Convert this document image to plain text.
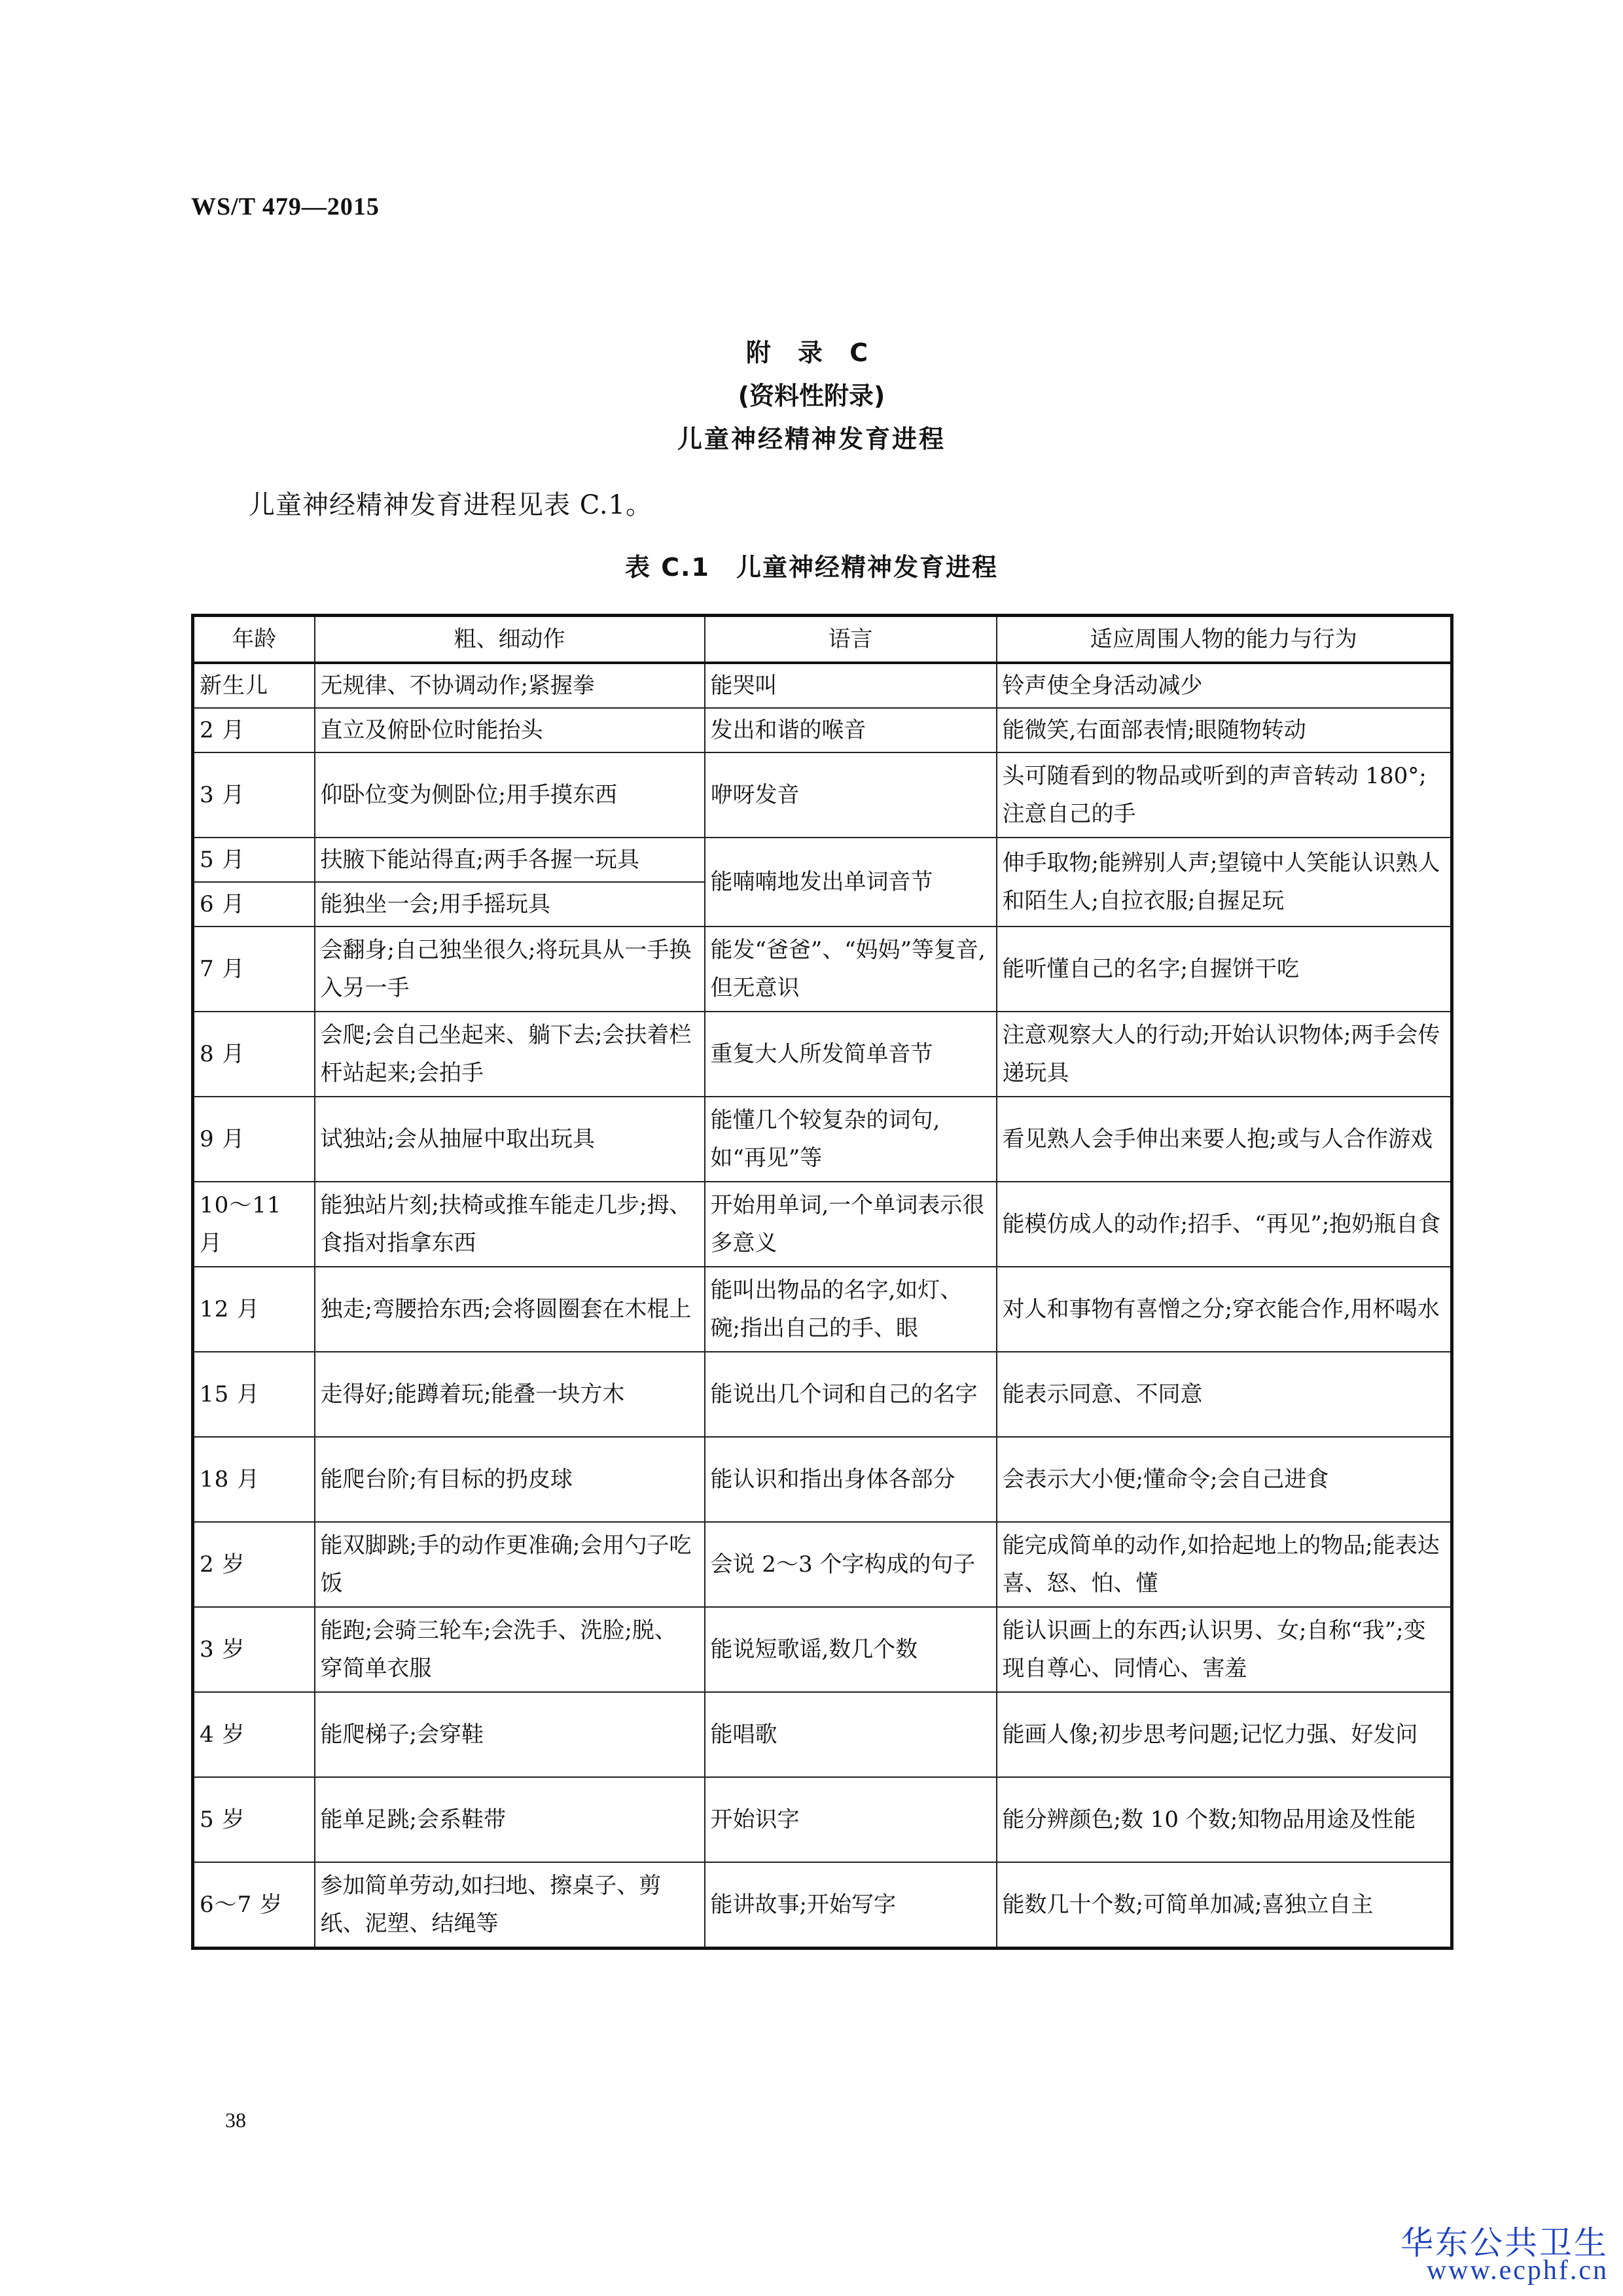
WS/T 479—2015
附 录 C
(资料性附录)
儿童神经精神发育进程
儿童神经精神发育进程见表 C.1。
表 C.1　儿童神经精神发育进程
年龄	粗、细动作	语言	适应周围人物的能力与行为
新生儿	无规律、不协调动作;紧握拳	能哭叫	铃声使全身活动减少
2 月	直立及俯卧位时能抬头	发出和谐的喉音	能微笑,右面部表情;眼随物转动
3 月	仰卧位变为侧卧位;用手摸东西	咿呀发音	头可随看到的物品或听到的声音转动 180°;注意自己的手
5 月	扶腋下能站得直;两手各握一玩具	能喃喃地发出单词音节	伸手取物;能辨别人声;望镜中人笑能认识熟人和陌生人;自拉衣服;自握足玩
6 月	能独坐一会;用手摇玩具		
7 月	会翻身;自己独坐很久;将玩具从一手换入另一手	能发“爸爸”、“妈妈”等复音,但无意识	能听懂自己的名字;自握饼干吃
8 月	会爬;会自己坐起来、躺下去;会扶着栏杆站起来;会拍手	重复大人所发简单音节	注意观察大人的行动;开始认识物体;两手会传递玩具
9 月	试独站;会从抽屉中取出玩具	能懂几个较复杂的词句,如“再见”等	看见熟人会手伸出来要人抱;或与人合作游戏
10～11 月	能独站片刻;扶椅或推车能走几步;拇、食指对指拿东西	开始用单词,一个单词表示很多意义	能模仿成人的动作;招手、“再见”;抱奶瓶自食
12 月	独走;弯腰拾东西;会将圆圈套在木棍上	能叫出物品的名字,如灯、碗;指出自己的手、眼	对人和事物有喜憎之分;穿衣能合作,用杯喝水
15 月	走得好;能蹲着玩;能叠一块方木	能说出几个词和自己的名字	能表示同意、不同意
18 月	能爬台阶;有目标的扔皮球	能认识和指出身体各部分	会表示大小便;懂命令;会自己进食
2 岁	能双脚跳;手的动作更准确;会用勺子吃饭	会说 2～3 个字构成的句子	能完成简单的动作,如拾起地上的物品;能表达喜、怒、怕、懂
3 岁	能跑;会骑三轮车;会洗手、洗脸;脱、穿简单衣服	能说短歌谣,数几个数	能认识画上的东西;认识男、女;自称“我”;变现自尊心、同情心、害羞
4 岁	能爬梯子;会穿鞋	能唱歌	能画人像;初步思考问题;记忆力强、好发问
5 岁	能单足跳;会系鞋带	开始识字	能分辨颜色;数 10 个数;知物品用途及性能
6～7 岁	参加简单劳动,如扫地、擦桌子、剪纸、泥塑、结绳等	能讲故事;开始写字	能数几十个数;可简单加减;喜独立自主
38
华东公共卫生
www.ecphf.cn
